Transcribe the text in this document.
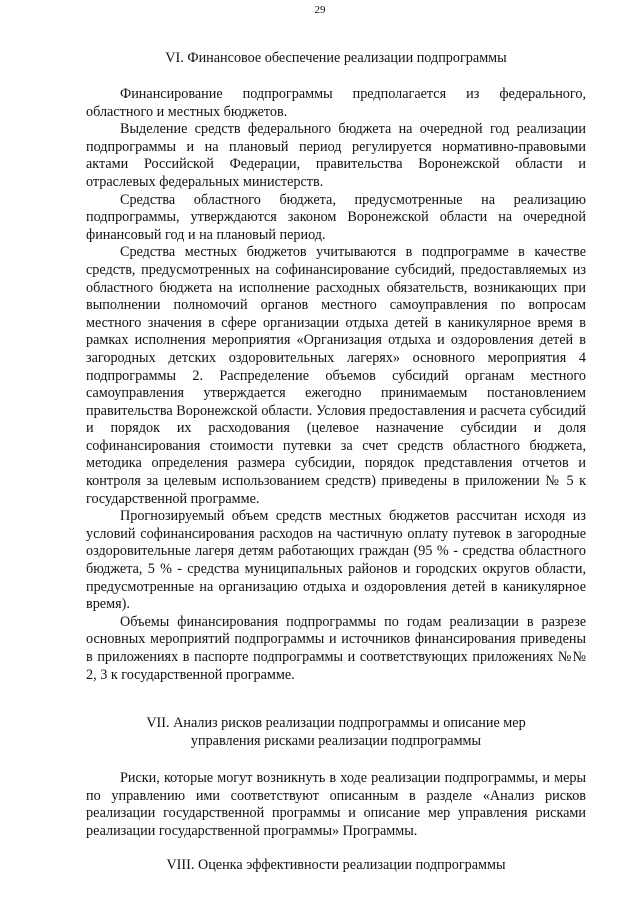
29
VI. Финансовое обеспечение реализации подпрограммы

Финансирование подпрограммы предполагается из федерального, областного и местных бюджетов.

Выделение средств федерального бюджета на очередной год реализации подпрограммы и на плановый период регулируется нормативно-правовыми актами Российской Федерации, правительства Воронежской области и отраслевых федеральных министерств.

Средства областного бюджета, предусмотренные на реализацию подпрограммы, утверждаются законом Воронежской области на очередной финансовый год и на плановый период.

Средства местных бюджетов учитываются в подпрограмме в качестве средств, предусмотренных на софинансирование субсидий, предоставляемых из областного бюджета на исполнение расходных обязательств, возникающих при выполнении полномочий органов местного самоуправления по вопросам местного значения в сфере организации отдыха детей в каникулярное время в рамках исполнения мероприятия «Организация отдыха и оздоровления детей в загородных детских оздоровительных лагерях» основного мероприятия 4 подпрограммы 2. Распределение объемов субсидий органам местного самоуправления утверждается ежегодно принимаемым постановлением правительства Воронежской области. Условия предоставления и расчета субсидий и порядок их расходования (целевое назначение субсидии и доля софинансирования стоимости путевки за счет средств областного бюджета, методика определения размера субсидии, порядок представления отчетов и контроля за целевым использованием средств) приведены в приложении № 5 к государственной программе.

Прогнозируемый объем средств местных бюджетов рассчитан исходя из условий софинансирования расходов на частичную оплату путевок в загородные оздоровительные лагеря детям работающих граждан (95 % - средства областного бюджета, 5 % - средства муниципальных районов и городских округов области, предусмотренные на организацию отдыха и оздоровления детей в каникулярное время).

Объемы финансирования подпрограммы по годам реализации в разрезе основных мероприятий подпрограммы и источников финансирования приведены в приложениях в паспорте подпрограммы и соответствующих приложениях №№ 2, 3 к государственной программе.

VII. Анализ рисков реализации подпрограммы и описание мер
управления рисками реализации подпрограммы

Риски, которые могут возникнуть в ходе реализации подпрограммы, и меры по управлению ими соответствуют описанным в разделе «Анализ рисков реализации государственной программы и описание мер управления рисками реализации государственной программы» Программы.

VIII. Оценка эффективности реализации подпрограммы
